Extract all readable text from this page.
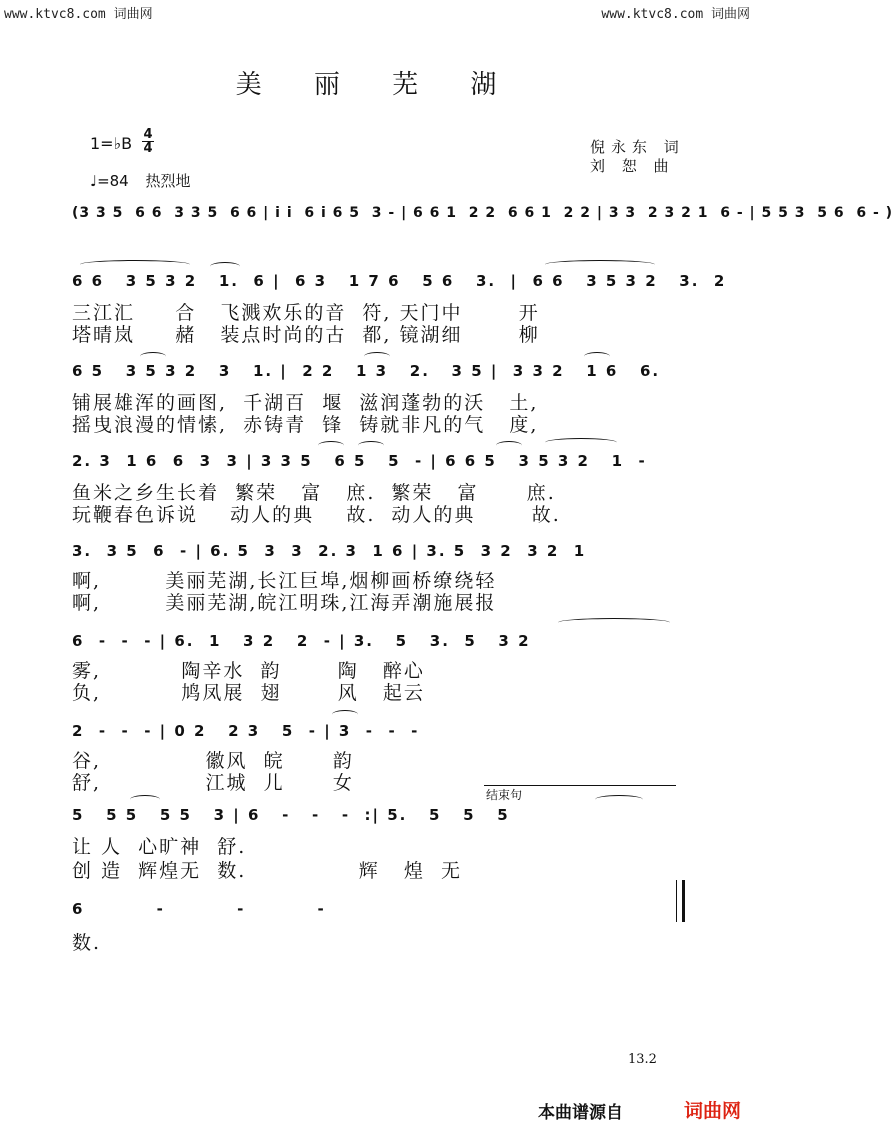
www.ktvc8.com 词曲网	www.ktvc8.com 词曲网
美 丽 芜 湖
1=♭B $\frac{4}{4}$
♩=84 热烈地
倪永东 词
刘 恕 曲
(3 3 5  6 6  3 3 5  6 6 | i i  6 i 6 5  3 - | 6 6 1  2 2  6 6 1  2 2 | 3 3  2 3 2 1  6 - | 5 5 3  5 6  6 - )
6 6   3 5 3 2   1.  6 |  6 3   1 7 6   5 6   3.  |  6 6   3 5 3 2   3.  2
三江汇     合   飞溅欢乐的音  符, 天门中       开
塔晴岚     赭   装点时尚的古  都, 镜湖细       柳
6 5   3 5 3 2   3   1. |  2 2   1 3   2.   3 5 |  3 3 2   1 6   6.
铺展雄浑的画图,  千湖百  堰  滋润蓬勃的沃   土,
摇曳浪漫的情愫,  赤铸青  锋  铸就非凡的气   度,
2. 3  1 6  6  3  3 | 3 3 5   6 5   5  - | 6 6 5   3 5 3 2   1  -
鱼米之乡生长着  繁荣   富   庶.  繁荣   富      庶.
玩鞭春色诉说    动人的典    故.  动人的典       故.
3.  3 5  6  - | 6. 5  3  3  2. 3  1 6 | 3. 5  3 2  3 2  1
啊,        美丽芜湖,长江巨埠,烟柳画桥缭绕轻
啊,        美丽芜湖,皖江明珠,江海弄潮施展报
6  -  -  - | 6.  1   3 2   2  - | 3.   5   3.  5   3 2
雾,          陶辛水  韵       陶   醉心
负,          鸠凤展  翅       风   起云
2  -  -  - | 0 2   2 3   5  - | 3  -  -  -
谷,             徽风  皖      韵
舒,             江城  儿      女
结束句
5   5 5   5 5   3 | 6   -   -   -  :| 5.   5   5   5
让 人  心旷神  舒.
创 造  辉煌无  数.              辉   煌  无
6          -          -          -
数.
13.2
本曲谱源自	词曲网
